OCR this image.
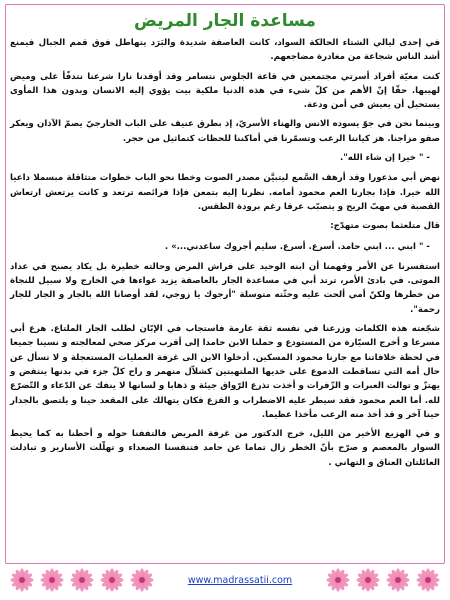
مساعدة الجار المريض

في إحدى ليالي الشتاء الحالكة السواد، كانت العاصفة شديدة والبَرَد يتهاطل فوق قمم الجبال فيمنع أشد الناس شجاعة من مغادرة مضاجعهم.

كنت معيّة أفراد أسرتي مجتمعين في قاعة الجلوس نتسامر وقد أوقدنا نارا شرعنا نتدفّأ على وميض لهيبها. حقّا إنّ الأهم من كلّ شيء في هذه الدنيا ملكية بيت يؤوي إليه الانسان وبدون هذا المأوى يستحيل أن يعيش في أمن ودعة.

وبينما نحن في جوّ يسوده الانس والهناء الأسريّ، إذ بطرق عنيف على الباب الخارجيّ يصمّ الآذان ويعكر صفو مزاجنا. هز كياننا الرعب وتسمّرنا في أماكننا للحظات كتماثيل من حجر.

- " خيرا إن شاء الله".

نهض أبي مذعورا وقد أرهف السَّمع ليتبيَّن مصدر الصوت وخطا نحو الباب خطوات متثاقلة مبسملا داعيا الله خيرا. فإذا بجارنا العم محمود أمامه. نظرنا إليه بتمعن فإذا فرائصه ترتعد و كانت يرتعش ارتعاش القصبة في مهبّ الريح و يتصبّب عرقا رغم برودة الطقس.

قال متلعثما بصوت متهدّج:

- " ابني ... ابني حامد. أسرع. أسرع. سليم أجروك ساعدني...» .

استفسرنا عن الأمر وفهمنا أن ابنه الوحيد على فراش المرض وحالته خطيرة بل يكاد يصبح في عداد الموتى. في بادئ الأمر، ترتد أبي في مساعدة الجار بالعاصفة يزيد عواءها في الخارج ولا سبيل للنجاة من خطرها ولكنّ أمي ألحت عليه وحثّته متوسلة "أرجوك يا زوجي، لقد أوصانا الله بالجار و الجار للجار رحمة".

شجّعته هذه الكلمات وزرعنا في نفسه ثقة عارمة فاستجاب في الإبّان لطلب الجار الملتاع. هرع أبي مسرعا و أخرج السيّارة من المستودع و حملنا الابن حامدا إلى أقرب مركز صحي لمعالجته و نسينا جميعا في لحظة خلافاتنا مع جارنا محمود المسكين. أدخلوا الابن الى غرفة العمليات المستعجلة و لا تسأل عن حال أمه التي تساقطت الدموع على خديها الملتهبتين كشلاّل منهمر و راح كلّ جزء في بدنها ينتفض و يهتزّ و توالت العبرات و الزّفرات و أخذت تذرع الرّواق جيئة و ذهابا و لسانها لا ينفك عن الدّعاء و التّضرّع لله. أما العم محمود فقد سيطر عليه الاضطراب و الفزع فكان يتهالك على المقعد حينا و يلتصق بالجدار حينا آخر و قد أخذ منه الرعب مأخذا عظيما.

و في الهزيع الأخير من الليل، خرج الدكتور من غرفة المريض فالتففنا حوله و أحطنا به كما يحيط السوار بالمعصم و صرّح بأنّ الخطر زال تماما عن حامد فتنفسنا الصعداء و تهلّلت الأسارير و تبادلت العائلتان العناق و التهاني .

www.madrassatii.com
